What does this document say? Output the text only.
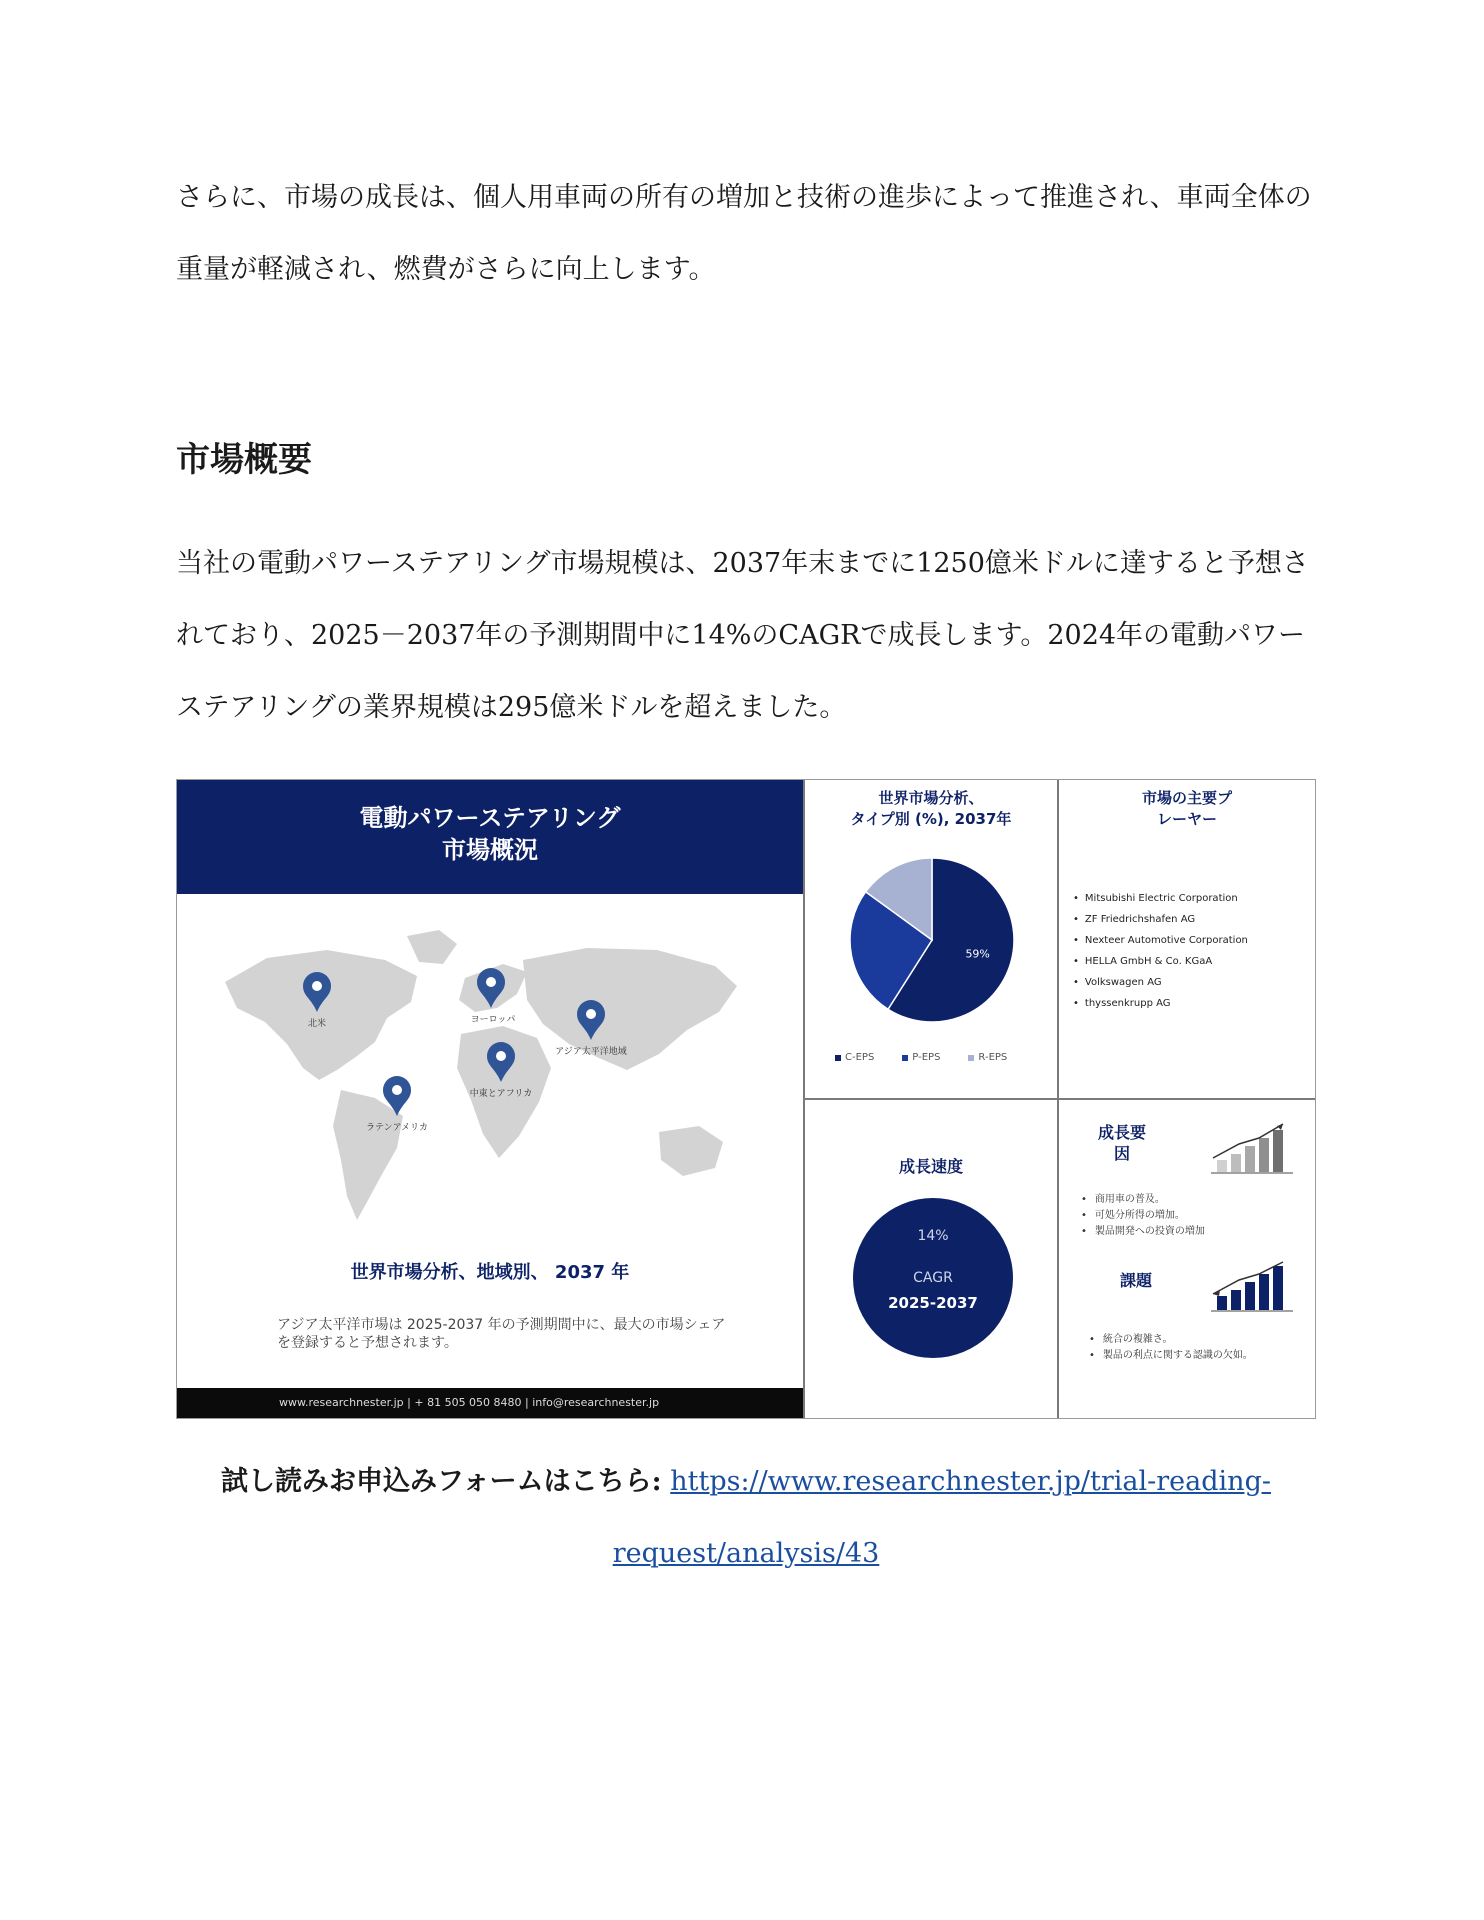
さらに、市場の成長は、個人用車両の所有の増加と技術の進歩によって推進され、車両全体の重量が軽減され、燃費がさらに向上します。

市場概要

当社の電動パワーステアリング市場規模は、2037年末までに1250億米ドルに達すると予想されており、2025－2037年の予測期間中に14%のCAGRで成長します。2024年の電動パワーステアリングの業界規模は295億米ドルを超えました。

電動パワーステアリング
市場概況
北米	ヨーロッパ
アジア太平洋地域
中東とアフリカ
ラテンアメリカ
世界市場分析、地域別、 2037 年
アジア太平洋市場は 2025-2037 年の予測期間中に、最大の市場シェアを登録すると予想されます。
www.researchnester.jp | + 81 505 050 8480 | info@researchnester.jp
世界市場分析、
タイプ別 (%), 2037年
59%
C-EPS	P-EPS	R-EPS
市場の主要プ
レーヤー
• Mitsubishi Electric Corporation
• ZF Friedrichshafen AG
• Nexteer Automotive Corporation
• HELLA GmbH & Co. KGaA
• Volkswagen AG
• thyssenkrupp AG
成長速度
14%
CAGR
2025-2037
成長要
因
• 商用車の普及。
• 可処分所得の増加。
• 製品開発への投資の増加
課題
• 統合の複雑さ。
• 製品の利点に関する認識の欠如。
試し読みお申込みフォームはこちら: https://www.researchnester.jp/trial-reading-request/analysis/43
